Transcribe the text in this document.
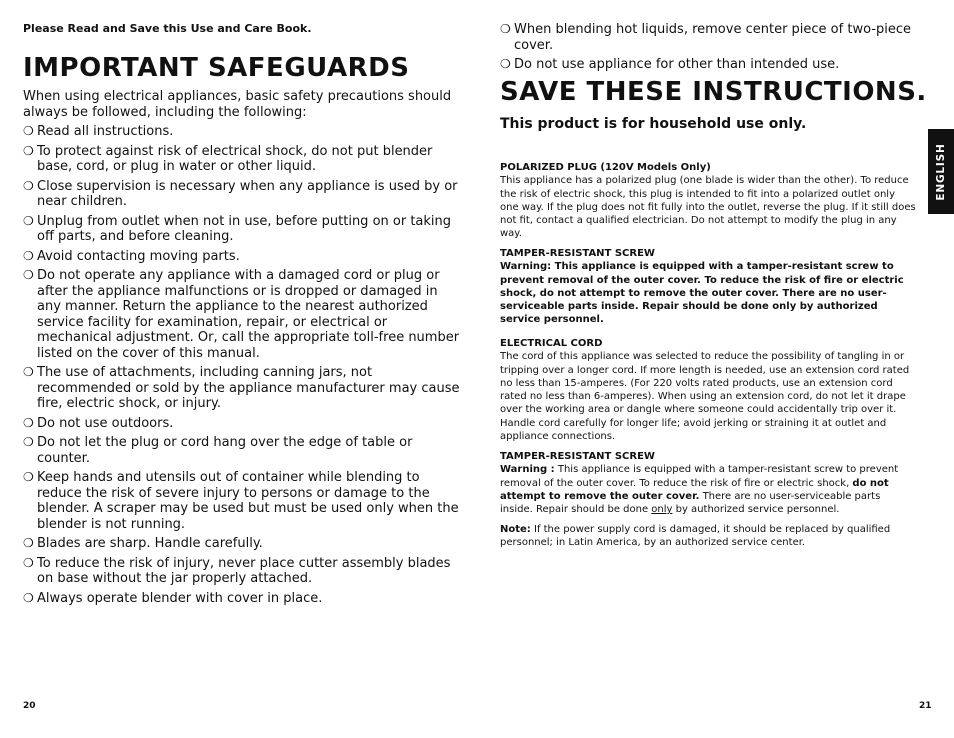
Please Read and Save this Use and Care Book.
IMPORTANT SAFEGUARDS
When using electrical appliances, basic safety precautions should always be followed, including the following:
❍ Read all instructions.
❍ To protect against risk of electrical shock, do not put blender base, cord, or plug in water or other liquid.
❍ Close supervision is necessary when any appliance is used by or near children.
❍ Unplug from outlet when not in use, before putting on or taking off parts, and before cleaning.
❍ Avoid contacting moving parts.
❍ Do not operate any appliance with a damaged cord or plug or after the appliance malfunctions or is dropped or damaged in any manner. Return the appliance to the nearest authorized service facility for examination, repair, or electrical or mechanical adjustment. Or, call the appropriate toll-free number listed on the cover of this manual.
❍ The use of attachments, including canning jars, not recommended or sold by the appliance manufacturer may cause fire, electric shock, or injury.
❍ Do not use outdoors.
❍ Do not let the plug or cord hang over the edge of table or counter.
❍ Keep hands and utensils out of container while blending to reduce the risk of severe injury to persons or damage to the blender. A scraper may be used but must be used only when the blender is not running.
❍ Blades are sharp. Handle carefully.
❍ To reduce the risk of injury, never place cutter assembly blades on base without the jar properly attached.
❍ Always operate blender with cover in place.
20
❍ When blending hot liquids, remove center piece of two-piece cover.
❍ Do not use appliance for other than intended use.
SAVE THESE INSTRUCTIONS.
This product is for household use only.
POLARIZED PLUG (120V Models Only)

This appliance has a polarized plug (one blade is wider than the other). To reduce the risk of electric shock, this plug is intended to fit into a polarized outlet only one way. If the plug does not fit fully into the outlet, reverse the plug. If it still does not fit, contact a qualified electrician. Do not attempt to modify the plug in any way.

TAMPER-RESISTANT SCREW

Warning: This appliance is equipped with a tamper-resistant screw to prevent removal of the outer cover. To reduce the risk of fire or electric shock, do not attempt to remove the outer cover. There are no user-serviceable parts inside. Repair should be done only by authorized service personnel.

ELECTRICAL CORD

The cord of this appliance was selected to reduce the possibility of tangling in or tripping over a longer cord. If more length is needed, use an extension cord rated no less than 15-amperes. (For 220 volts rated products, use an extension cord rated no less than 6-amperes). When using an extension cord, do not let it drape over the working area or dangle where someone could accidentally trip over it. Handle cord carefully for longer life; avoid jerking or straining it at outlet and appliance connections.

TAMPER-RESISTANT SCREW

Warning : This appliance is equipped with a tamper-resistant screw to prevent removal of the outer cover. To reduce the risk of fire or electric shock, do not attempt to remove the outer cover. There are no user-serviceable parts inside. Repair should be done only by authorized service personnel.

Note: If the power supply cord is damaged, it should be replaced by qualified personnel; in Latin America, by an authorized service center.

ENGLISH
21
